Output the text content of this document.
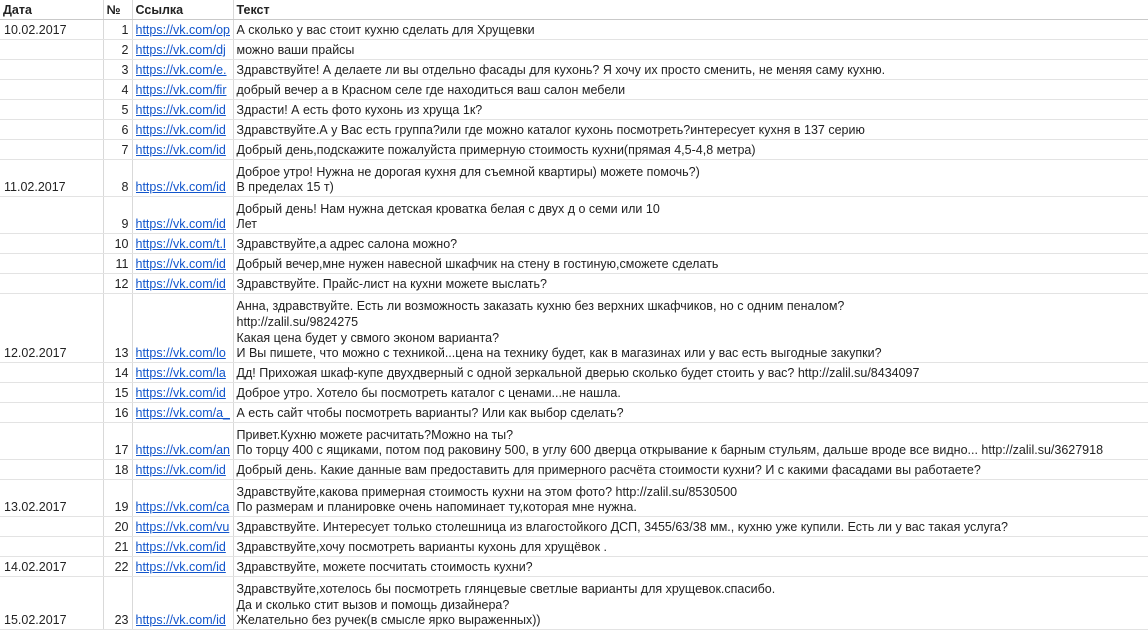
Дата	№	Ссылка	Текст
10.02.2017	1	https://vk.com/op	А сколько у вас стоит кухню сделать для Хрущевки
	2	https://vk.com/dj	можно ваши прайсы
	3	https://vk.com/e.	Здравствуйте! А делаете ли вы отдельно фасады для кухонь? Я хочу их просто сменить, не меняя саму кухню.
	4	https://vk.com/fir	добрый вечер а в Красном селе где находиться ваш салон мебели
	5	https://vk.com/id	Здрасти! А есть фото кухонь из хруща 1к?
	6	https://vk.com/id	Здравствуйте.А у Вас есть группа?или где можно каталог кухонь посмотреть?интересует кухня в 137 серию
	7	https://vk.com/id	Добрый день,подскажите пожалуйста примерную стоимость кухни(прямая 4,5-4,8 метра)
11.02.2017	8	https://vk.com/id	Доброе утро! Нужна не дорогая кухня для съемной квартиры) можете помочь?)
В пределах 15 т)
	9	https://vk.com/id	Добрый день! Нам нужна детская кроватка белая с двух д о семи или 10
Лет
	10	https://vk.com/t.l	Здравствуйте,а адрес салона можно?
	11	https://vk.com/id	Добрый вечер,мне нужен навесной шкафчик на стену в гостиную,сможете сделать
	12	https://vk.com/id	Здравствуйте. Прайс-лист на кухни можете выслать?
12.02.2017	13	https://vk.com/lo	Анна, здравствуйте. Есть ли возможность заказать кухню без верхних шкафчиков, но с одним пеналом?
http://zalil.su/9824275
Какая цена будет у свмого эконом варианта?
И Вы пишете, что можно с техникой...цена на технику будет, как в магазинах или у вас есть выгодные закупки?
	14	https://vk.com/la	Дд! Прихожая шкаф-купе двухдверный с одной зеркальной дверью сколько будет стоить у вас? http://zalil.su/8434097
	15	https://vk.com/id	Доброе утро. Хотело бы посмотреть каталог с ценами...не нашла.
	16	https://vk.com/a_	А есть сайт чтобы посмотреть варианты? Или как выбор сделать?
	17	https://vk.com/an	Привет.Кухню можете расчитать?Можно на ты?
По торцу 400 с ящиками, потом под раковину 500, в углу 600 дверца открывание к барным стульям, дальше вроде все видно... http://zalil.su/3627918
	18	https://vk.com/id	Добрый день. Какие данные вам предоставить для примерного расчёта стоимости кухни? И с какими фасадами вы работаете?
13.02.2017	19	https://vk.com/ca	Здравствуйте,какова примерная стоимость кухни на этом фото? http://zalil.su/8530500
По размерам и планировке очень напоминает ту,которая мне нужна.
	20	https://vk.com/vu	Здравствуйте. Интересует только столешница из влагостойкого ДСП, 3455/63/38 мм., кухню уже купили. Есть ли у вас такая услуга?
	21	https://vk.com/id	Здравствуйте,хочу посмотреть варианты кухонь для хрущёвок .
14.02.2017	22	https://vk.com/id	Здравствуйте, можете посчитать стоимость кухни?
15.02.2017	23	https://vk.com/id	Здравствуйте,хотелось бы посмотреть глянцевые светлые варианты для хрущевок.спасибо.
Да и сколько стит вызов и помощь дизайнера?
Желательно без ручек(в смысле ярко выраженных))
